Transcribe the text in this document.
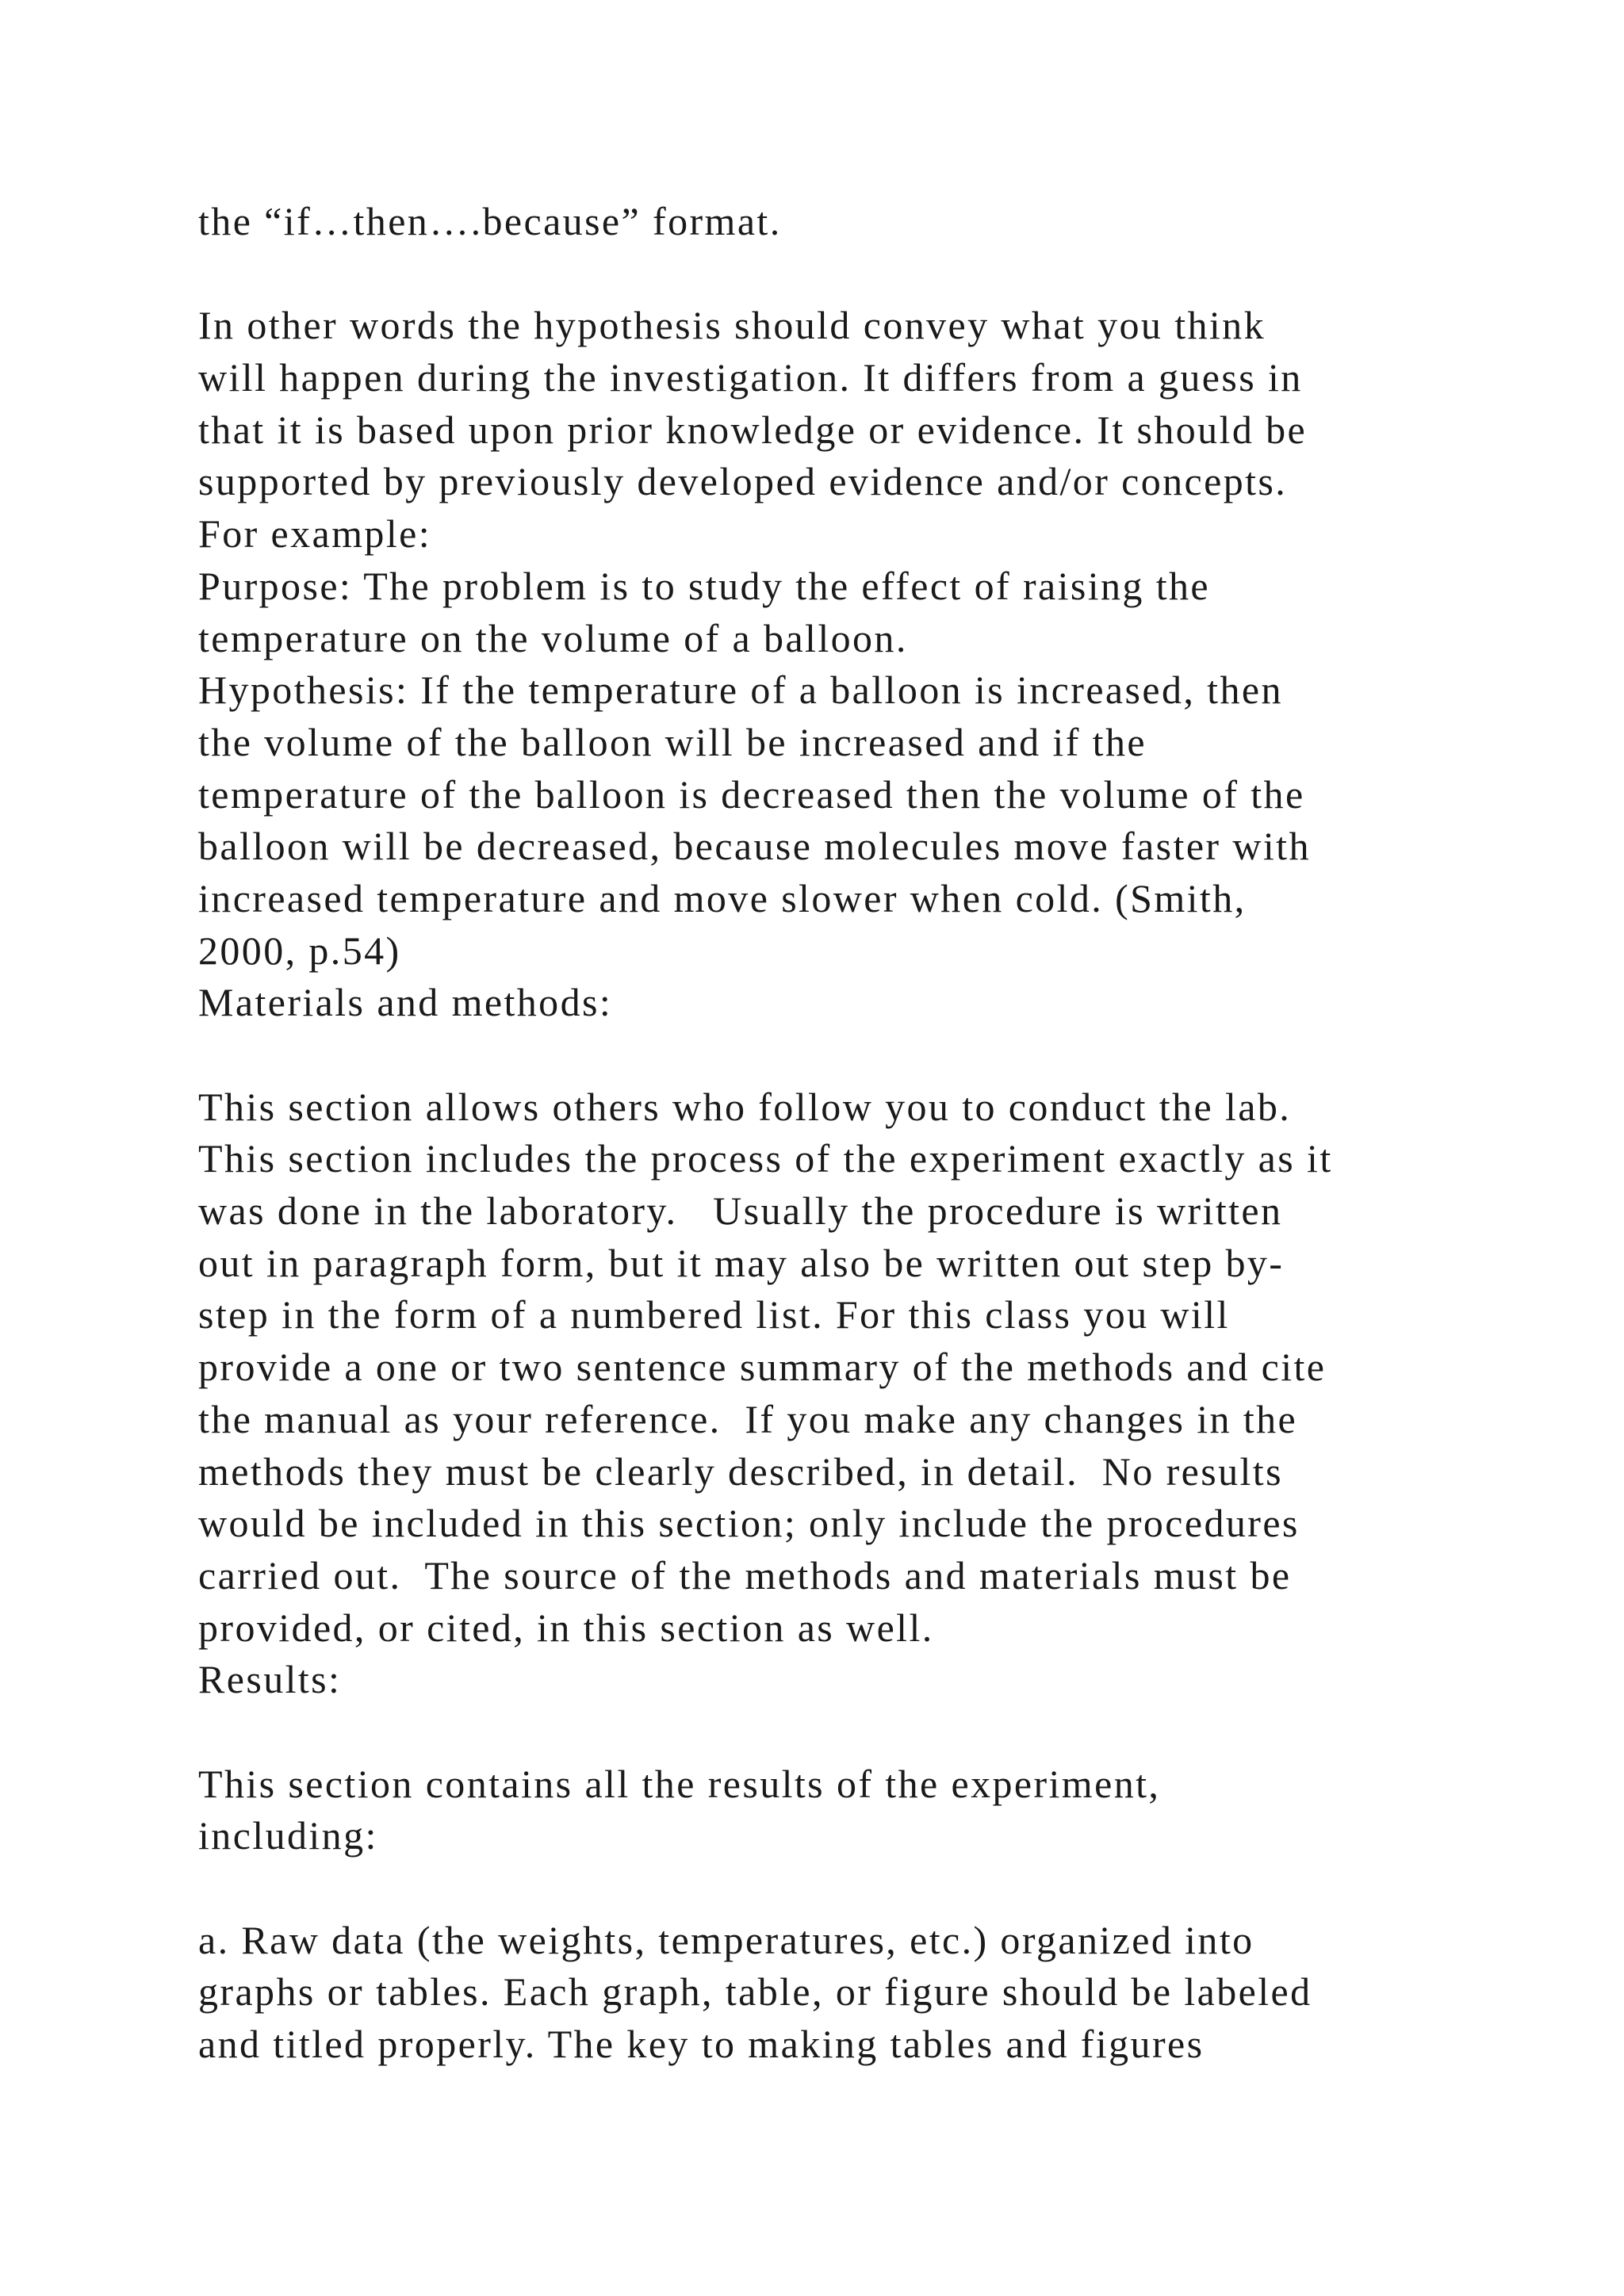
the “if…then….because” format.
In other words the hypothesis should convey what you think
will happen during the investigation. It differs from a guess in
that it is based upon prior knowledge or evidence. It should be
supported by previously developed evidence and/or concepts.
For example:
Purpose: The problem is to study the effect of raising the
temperature on the volume of a balloon.
Hypothesis: If the temperature of a balloon is increased, then
the volume of the balloon will be increased and if the
temperature of the balloon is decreased then the volume of the
balloon will be decreased, because molecules move faster with
increased temperature and move slower when cold. (Smith,
2000, p.54)
Materials and methods:
This section allows others who follow you to conduct the lab.
This section includes the process of the experiment exactly as it
was done in the laboratory.   Usually the procedure is written
out in paragraph form, but it may also be written out step by-
step in the form of a numbered list. For this class you will
provide a one or two sentence summary of the methods and cite
the manual as your reference.  If you make any changes in the
methods they must be clearly described, in detail.  No results
would be included in this section; only include the procedures
carried out.  The source of the methods and materials must be
provided, or cited, in this section as well.
Results:
This section contains all the results of the experiment,
including:
a. Raw data (the weights, temperatures, etc.) organized into
graphs or tables. Each graph, table, or figure should be labeled
and titled properly. The key to making tables and figures
